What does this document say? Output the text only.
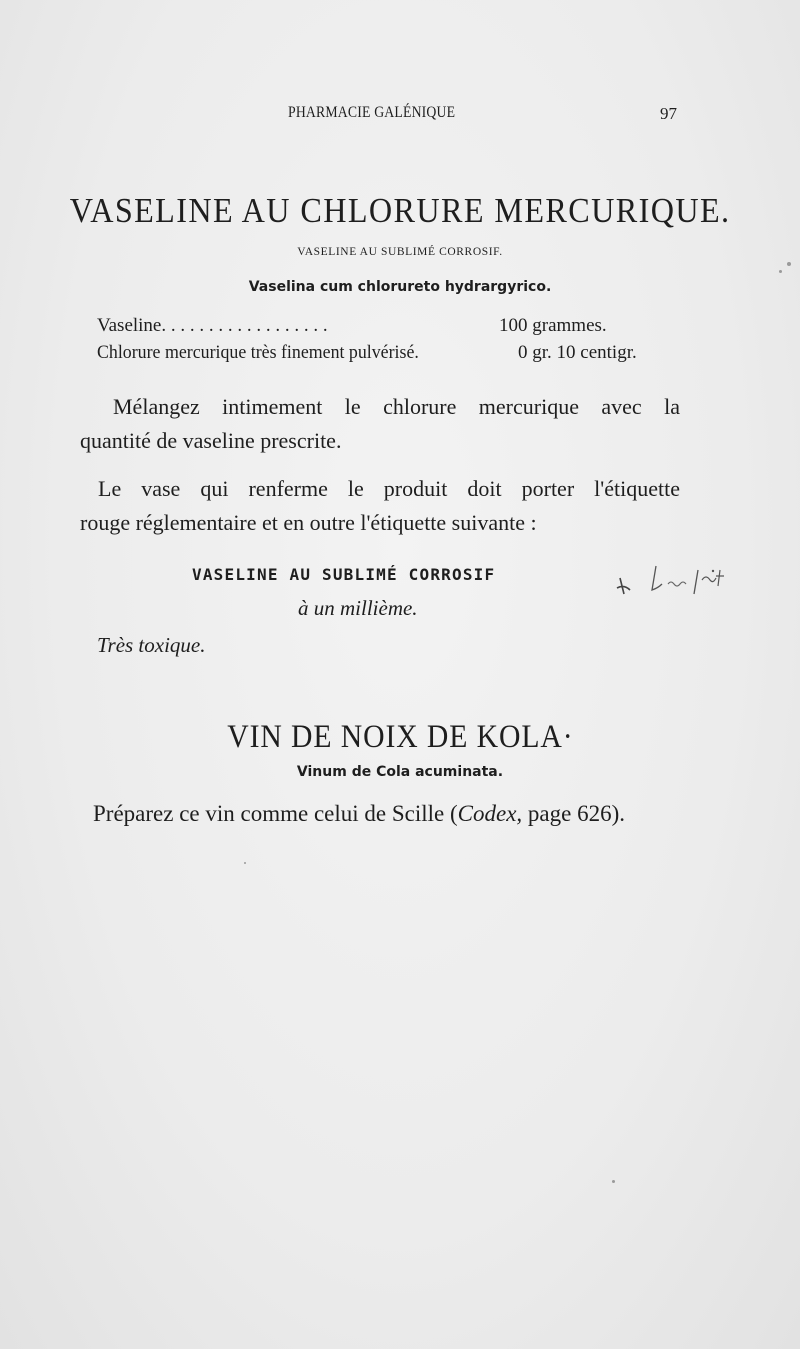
PHARMACIE GALÉNIQUE	97
VASELINE AU CHLORURE MERCURIQUE.
VASELINE AU SUBLIMÉ CORROSIF.
Vaselina cum chlorureto hydrargyrico.
Vaseline. . . . . . . . . . . . . . . . . .	100 grammes.
Chlorure mercurique très finement pulvérisé.	0 gr. 10 centigr.
Mélangez intimement le chlorure mercurique avec la
quantité de vaseline prescrite.
Le vase qui renferme le produit doit porter l'étiquette
rouge réglementaire et en outre l'étiquette suivante :
VASELINE AU SUBLIMÉ CORROSIF
à un millième.
Très toxique.
VIN DE NOIX DE KOLA·
Vinum de Cola acuminata.
Préparez ce vin comme celui de Scille (Codex, page 626).
